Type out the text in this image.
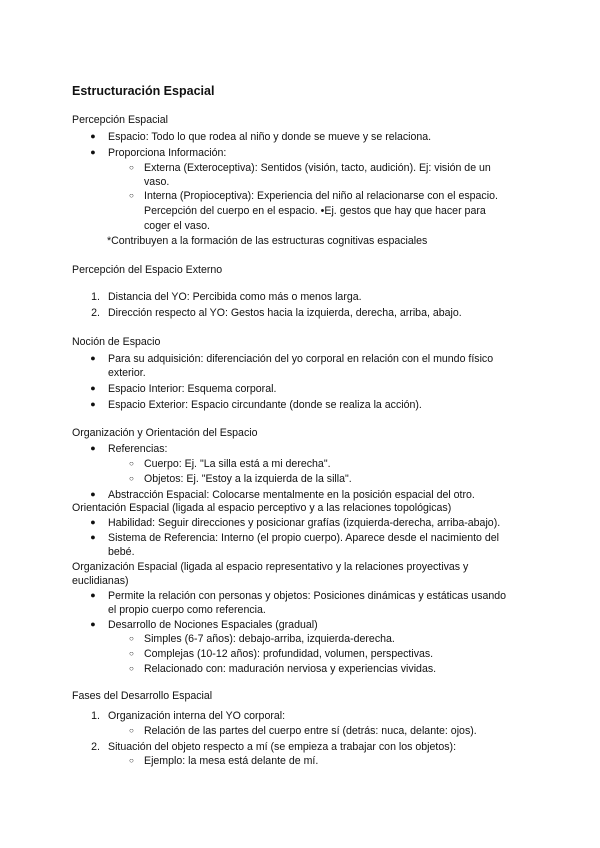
Estructuración Espacial
Percepción Espacial
● Espacio: Todo lo que rodea al niño y donde se mueve y se relaciona.
● Proporciona Información:
○ Externa (Exteroceptiva): Sentidos (visión, tacto, audición). Ej: visión de un
vaso.
○ Interna (Propioceptiva): Experiencia del niño al relacionarse con el espacio.
Percepción del cuerpo en el espacio. •Ej. gestos que hay que hacer para
coger el vaso.
*Contribuyen a la formación de las estructuras cognitivas espaciales
Percepción del Espacio Externo
1. Distancia del YO: Percibida como más o menos larga.
2. Dirección respecto al YO: Gestos hacia la izquierda, derecha, arriba, abajo.
Noción de Espacio
● Para su adquisición: diferenciación del yo corporal en relación con el mundo físico
exterior.
● Espacio Interior: Esquema corporal.
● Espacio Exterior: Espacio circundante (donde se realiza la acción).
Organización y Orientación del Espacio
● Referencias:
○ Cuerpo: Ej. "La silla está a mi derecha".
○ Objetos: Ej. "Estoy a la izquierda de la silla".
● Abstracción Espacial: Colocarse mentalmente en la posición espacial del otro.
Orientación Espacial (ligada al espacio perceptivo y a las relaciones topológicas)
● Habilidad: Seguir direcciones y posicionar grafías (izquierda-derecha, arriba-abajo).
● Sistema de Referencia: Interno (el propio cuerpo). Aparece desde el nacimiento del
bebé.
Organización Espacial (ligada al espacio representativo y la relaciones proyectivas y
euclidianas)
● Permite la relación con personas y objetos: Posiciones dinámicas y estáticas usando
el propio cuerpo como referencia.
● Desarrollo de Nociones Espaciales (gradual)
○ Simples (6-7 años): debajo-arriba, izquierda-derecha.
○ Complejas (10-12 años): profundidad, volumen, perspectivas.
○ Relacionado con: maduración nerviosa y experiencias vividas.
Fases del Desarrollo Espacial
1. Organización interna del YO corporal:
○ Relación de las partes del cuerpo entre sí (detrás: nuca, delante: ojos).
2. Situación del objeto respecto a mí (se empieza a trabajar con los objetos):
○ Ejemplo: la mesa está delante de mí.
